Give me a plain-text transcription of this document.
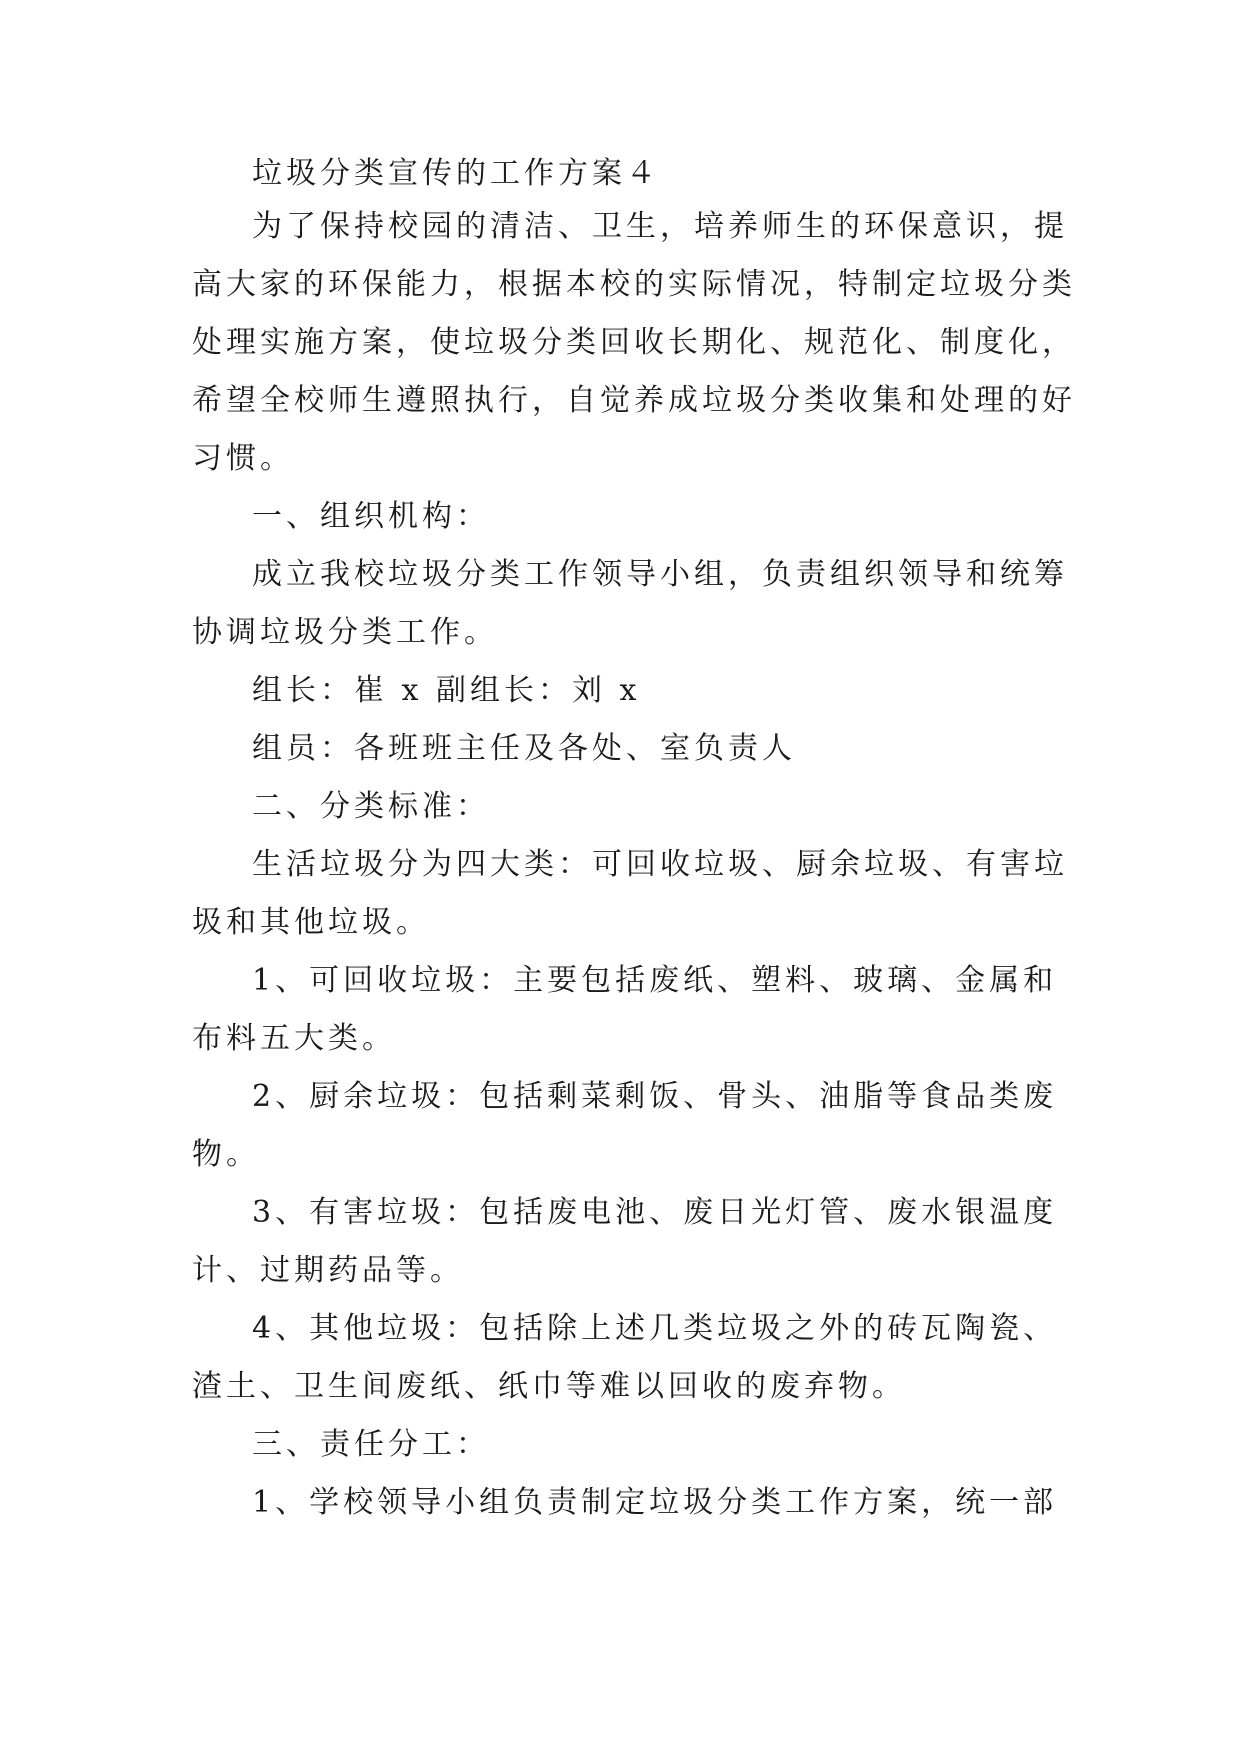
垃圾分类宣传的工作方案４

为了保持校园的清洁、卫生，培养师生的环保意识，提

高大家的环保能力，根据本校的实际情况，特制定垃圾分类

处理实施方案，使垃圾分类回收长期化、规范化、制度化，

希望全校师生遵照执行，自觉养成垃圾分类收集和处理的好

习惯。

一、组织机构：

成立我校垃圾分类工作领导小组，负责组织领导和统筹

协调垃圾分类工作。

组长：崔 x 副组长：刘 x

组员：各班班主任及各处、室负责人

二、分类标准：

生活垃圾分为四大类：可回收垃圾、厨余垃圾、有害垃

圾和其他垃圾。

1、可回收垃圾：主要包括废纸、塑料、玻璃、金属和

布料五大类。

2、厨余垃圾：包括剩菜剩饭、骨头、油脂等食品类废

物。

3、有害垃圾：包括废电池、废日光灯管、废水银温度

计、过期药品等。

4、其他垃圾：包括除上述几类垃圾之外的砖瓦陶瓷、

渣土、卫生间废纸、纸巾等难以回收的废弃物。

三、责任分工：

1、学校领导小组负责制定垃圾分类工作方案，统一部
